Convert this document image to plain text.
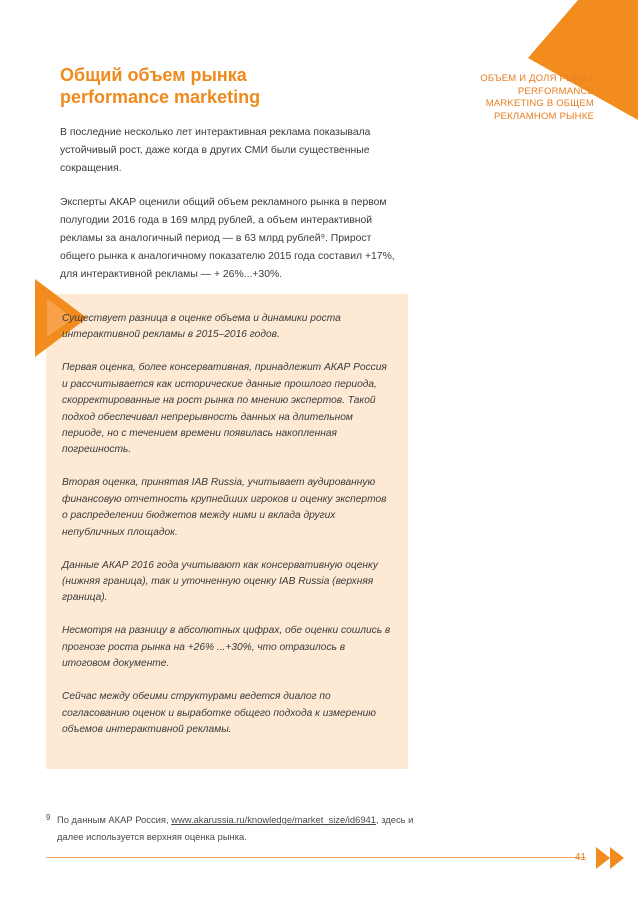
ОБЪЕМ И ДОЛЯ РЫНКА
PERFORMANCE
MARKETING В ОБЩЕМ
РЕКЛАМНОМ РЫНКЕ
Общий объем рынка
performance marketing

В последние несколько лет интерактивная реклама показывала устойчивый рост, даже когда в других СМИ были существенные сокращения.

Эксперты АКАР оценили общий объем рекламного рынка в первом полугодии 2016 года в 169 млрд рублей, а объем интерактивной рекламы за аналогичный период — в 63 млрд рублей⁹. Прирост общего рынка к аналогичному показателю 2015 года составил +17%, для интерактивной рекламы — + 26%...+30%.

Существует разница в оценке объема и динамики роста интерактивной рекламы в 2015–2016 годов.

Первая оценка, более консервативная, принадлежит АКАР Россия и рассчитывается как исторические данные прошлого периода, скорректированные на рост рынка по мнению экспертов. Такой подход обеспечивал непрерывность данных на длительном периоде, но с течением времени появилась накопленная погрешность.

Вторая оценка, принятая IAB Russia, учитывает аудированную финансовую отчетность крупнейших игроков и оценку экспертов о распределении бюджетов между ними и вклада других непубличных площадок.

Данные АКАР 2016 года учитывают как консервативную оценку (нижняя граница), так и уточненную оценку IAB Russia (верхняя граница).

Несмотря на разницу в абсолютных цифрах, обе оценки сошлись в прогнозе роста рынка на +26% ...+30%, что отразилось в итоговом документе.

Сейчас между обеими структурами ведется диалог по согласованию оценок и выработке общего подхода к измерению объемов интерактивной рекламы.

9 По данным АКАР Россия, www.akarussia.ru/knowledge/market_size/id6941, здесь и далее используется верхняя оценка рынка.
41
